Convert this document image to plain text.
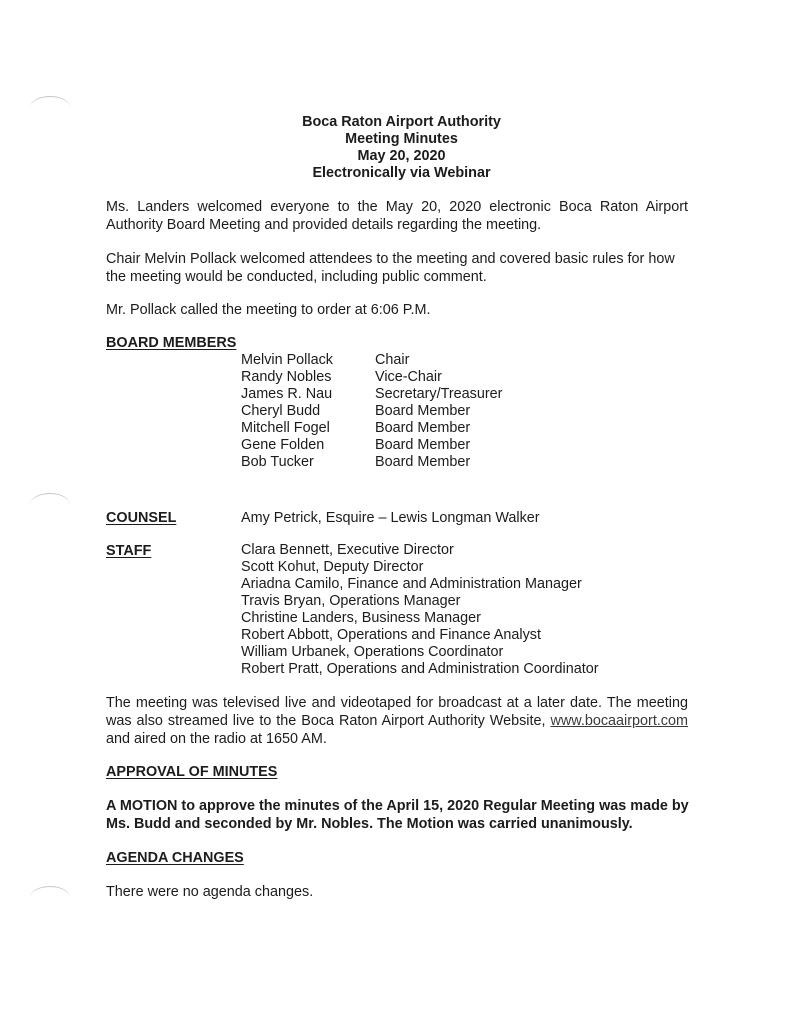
Boca Raton Airport Authority
Meeting Minutes
May 20, 2020
Electronically via Webinar

Ms. Landers welcomed everyone to the May 20, 2020 electronic Boca Raton Airport Authority Board Meeting and provided details regarding the meeting.

Chair Melvin Pollack welcomed attendees to the meeting and covered basic rules for how the meeting would be conducted, including public comment.

Mr. Pollack called the meeting to order at 6:06 P.M.

BOARD MEMBERS
Melvin Pollack	Chair
Randy Nobles	Vice-Chair
James R. Nau	Secretary/Treasurer
Cheryl Budd	Board Member
Mitchell Fogel	Board Member
Gene Folden	Board Member
Bob Tucker	Board Member
COUNSEL	Amy Petrick, Esquire – Lewis Longman Walker
STAFF	Clara Bennett, Executive Director
Scott Kohut, Deputy Director
Ariadna Camilo, Finance and Administration Manager
Travis Bryan, Operations Manager
Christine Landers, Business Manager
Robert Abbott, Operations and Finance Analyst
William Urbanek, Operations Coordinator
Robert Pratt, Operations and Administration Coordinator

The meeting was televised live and videotaped for broadcast at a later date. The meeting was also streamed live to the Boca Raton Airport Authority Website, www.bocaairport.com and aired on the radio at 1650 AM.

APPROVAL OF MINUTES

A MOTION to approve the minutes of the April 15, 2020 Regular Meeting was made by Ms. Budd and seconded by Mr. Nobles. The Motion was carried unanimously.

AGENDA CHANGES

There were no agenda changes.
